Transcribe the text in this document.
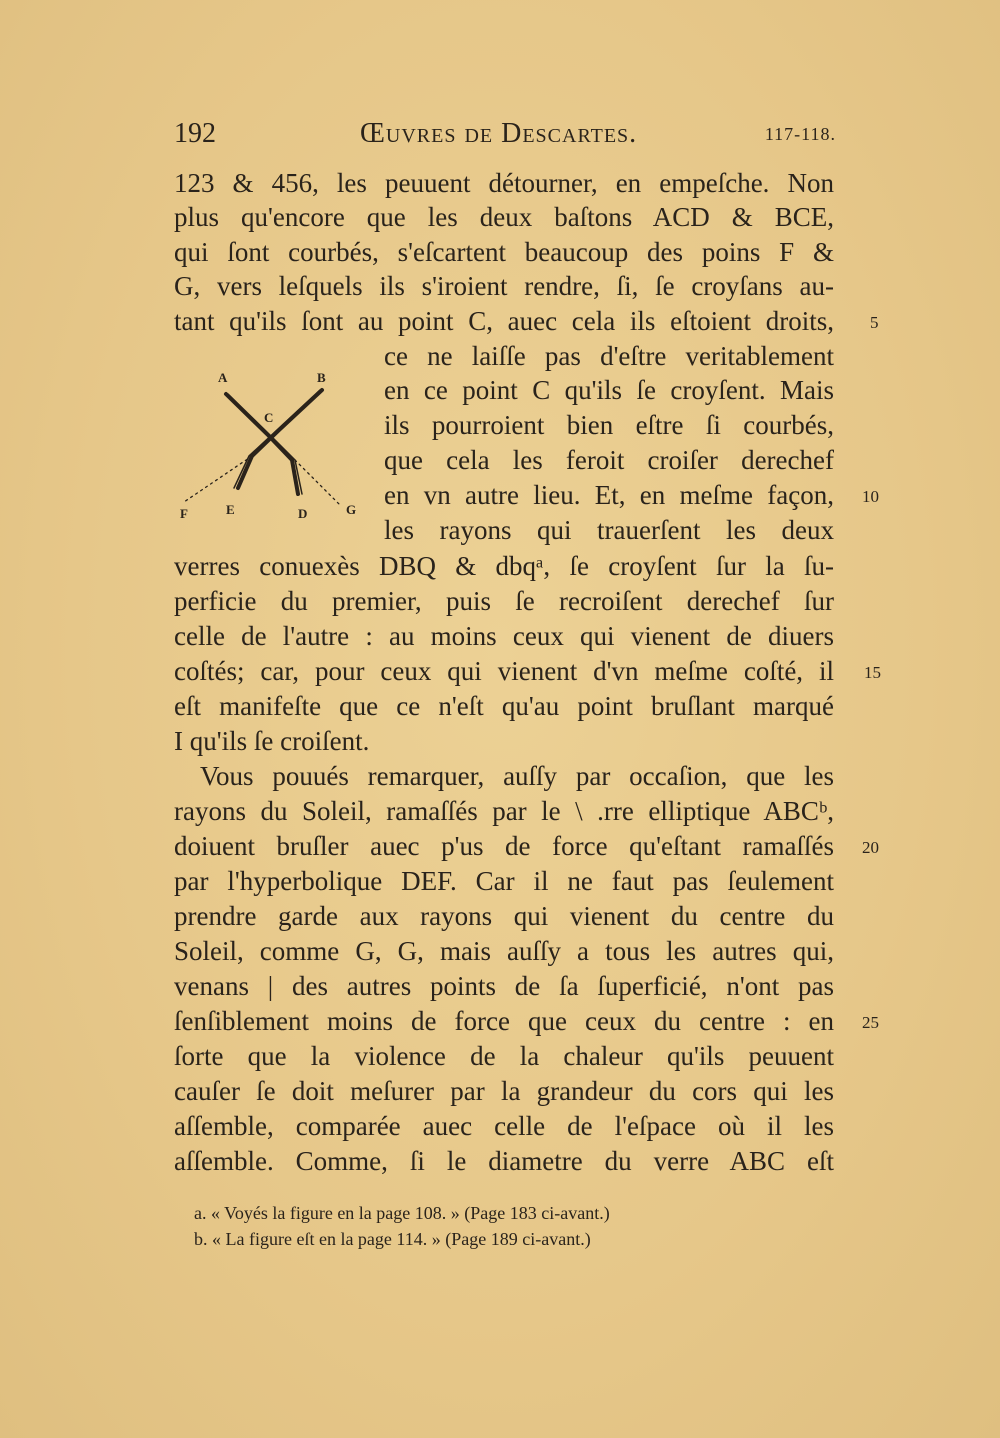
192	Œuvres de Descartes.	117-118.
123 & 456, les peuuent détourner, en empeſche. Non
plus qu'encore que les deux baſtons ACD & BCE,
qui ſont courbés, s'eſcartent beaucoup des poins F &
G, vers leſquels ils s'iroient rendre, ſi, ſe croyſans au-
tant qu'ils ſont au point C, auec cela ils eſtoient droits,
ce ne laiſſe pas d'eſtre veritablement
en ce point C qu'ils ſe croyſent. Mais
ils pourroient bien eſtre ſi courbés,
que cela les feroit croiſer derechef
en vn autre lieu. Et, en meſme façon,
les rayons qui trauerſent les deux
verres conuexès DBQ & dbqᵃ, ſe croyſent ſur la ſu-
perficie du premier, puis ſe recroiſent derechef ſur
celle de l'autre : au moins ceux qui vienent de diuers
coſtés; car, pour ceux qui vienent d'vn meſme coſté, il
eſt manifeſte que ce n'eſt qu'au point bruſlant marqué
I qu'ils ſe croiſent.
Vous pouués remarquer, auſſy par occaſion, que les
rayons du Soleil, ramaſſés par le \ .rre elliptique ABCᵇ,
doiuent bruſler auec p'us de force qu'eſtant ramaſſés
par l'hyperbolique DEF. Car il ne faut pas ſeulement
prendre garde aux rayons qui vienent du centre du
Soleil, comme G, G, mais auſſy a tous les autres qui,
venans | des autres points de ſa ſuperficié, n'ont pas
ſenſiblement moins de force que ceux du centre : en
ſorte que la violence de la chaleur qu'ils peuuent
cauſer ſe doit meſurer par la grandeur du cors qui les
aſſemble, comparée auec celle de l'eſpace où il les
aſſemble. Comme, ſi le diametre du verre ABC eſt
5
10
15
20
25
A	B
C
F	E	D	G
a. « Voyés la figure en la page 108. » (Page 183 ci-avant.)
b. « La figure eſt en la page 114. » (Page 189 ci-avant.)
